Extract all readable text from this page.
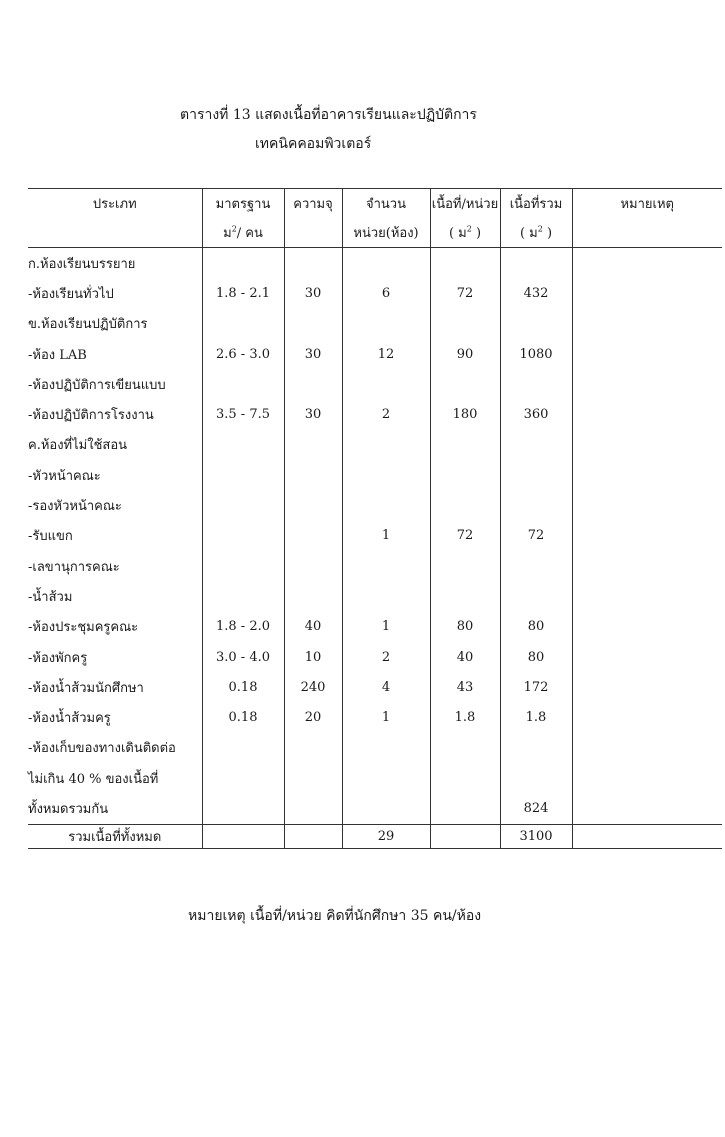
ตารางที่ 13 แสดงเนื้อที่อาคารเรียนและปฏิบัติการ
เทคนิคคอมพิวเตอร์
ประเภท	มาตรฐาน	ความจุ	จำนวน	เนื้อที่/หน่วย	เนื้อที่รวม	หมายเหตุ
	ม$^2$/ คน		หน่วย(ห้อง)	( ม$^2$ )	( ม$^2$ )	
ก.ห้องเรียนบรรยาย						
-ห้องเรียนทั่วไป	1.8 - 2.1	30	6	72	432	
ข.ห้องเรียนปฏิบัติการ						
-ห้อง LAB	2.6 - 3.0	30	12	90	1080	
-ห้องปฏิบัติการเขียนแบบ						
-ห้องปฏิบัติการโรงงาน	3.5 - 7.5	30	2	180	360	
ค.ห้องที่ไม่ใช้สอน						
-หัวหน้าคณะ						
-รองหัวหน้าคณะ						
-รับแขก			1	72	72	
-เลขานุการคณะ						
-น้ำส้วม						
-ห้องประชุมครูคณะ	1.8 - 2.0	40	1	80	80	
-ห้องพักครู	3.0 - 4.0	10	2	40	80	
-ห้องน้ำส้วมนักศึกษา	0.18	240	4	43	172	
-ห้องน้ำส้วมครู	0.18	20	1	1.8	1.8	
-ห้องเก็บของทางเดินติดต่อ						
ไม่เกิน 40 % ของเนื้อที่						
ทั้งหมดรวมกัน					824	
รวมเนื้อที่ทั้งหมด			29		3100	
หมายเหตุ เนื้อที่/หน่วย คิดที่นักศึกษา 35 คน/ห้อง
